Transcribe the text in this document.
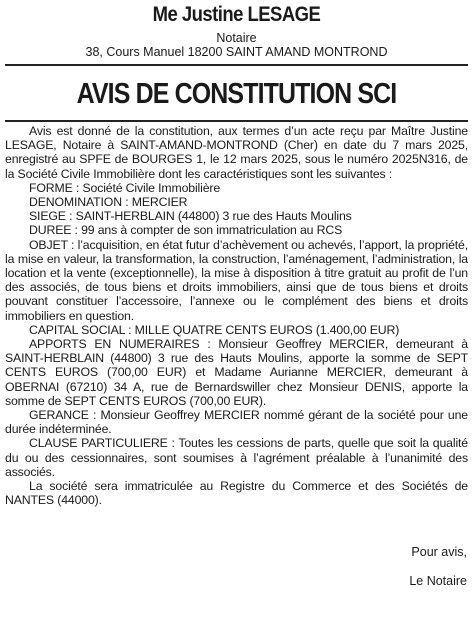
Me Justine LESAGE
Notaire
38, Cours Manuel 18200 SAINT AMAND MONTROND
AVIS DE CONSTITUTION SCI

Avis est donné de la constitution, aux termes d’un acte reçu par Maître Justine LESAGE, Notaire à SAINT-AMAND-MONTROND (Cher) en date du 7 mars 2025, enregistré au SPFE de BOURGES 1, le 12 mars 2025, sous le numéro 2025N316, de la Société Civile Immobilière dont les caractéristiques sont les suivantes :

FORME : Société Civile Immobilière

DENOMINATION : MERCIER

SIEGE : SAINT-HERBLAIN (44800) 3 rue des Hauts Moulins

DUREE : 99 ans à compter de son immatriculation au RCS

OBJET : l’acquisition, en état futur d’achèvement ou achevés, l’apport, la propriété, la mise en valeur, la transformation, la construction, l’aménagement, l’administration, la location et la vente (exceptionnelle), la mise à disposition à titre gratuit au profit de l’un des associés, de tous biens et droits immobiliers, ainsi que de tous biens et droits pouvant constituer l’accessoire, l’annexe ou le complément des biens et droits immobiliers en question.

CAPITAL SOCIAL : MILLE QUATRE CENTS EUROS (1.400,00 EUR)

APPORTS EN NUMERAIRES : Monsieur Geoffrey MERCIER, demeurant à SAINT-HERBLAIN (44800) 3 rue des Hauts Moulins, apporte la somme de SEPT CENTS EUROS (700,00 EUR) et Madame Aurianne MERCIER, demeurant à OBERNAI (67210) 34 A, rue de Bernardswiller chez Monsieur DENIS, apporte la somme de SEPT CENTS EUROS (700,00 EUR).

GERANCE : Monsieur Geoffrey MERCIER nommé gérant de la société pour une durée indéterminée.

CLAUSE PARTICULIERE : Toutes les cessions de parts, quelle que soit la qualité du ou des cessionnaires, sont soumises à l’agrément préalable à l’unanimité des associés.

La société sera immatriculée au Registre du Commerce et des Sociétés de NANTES (44000).

Pour avis,
Le Notaire
